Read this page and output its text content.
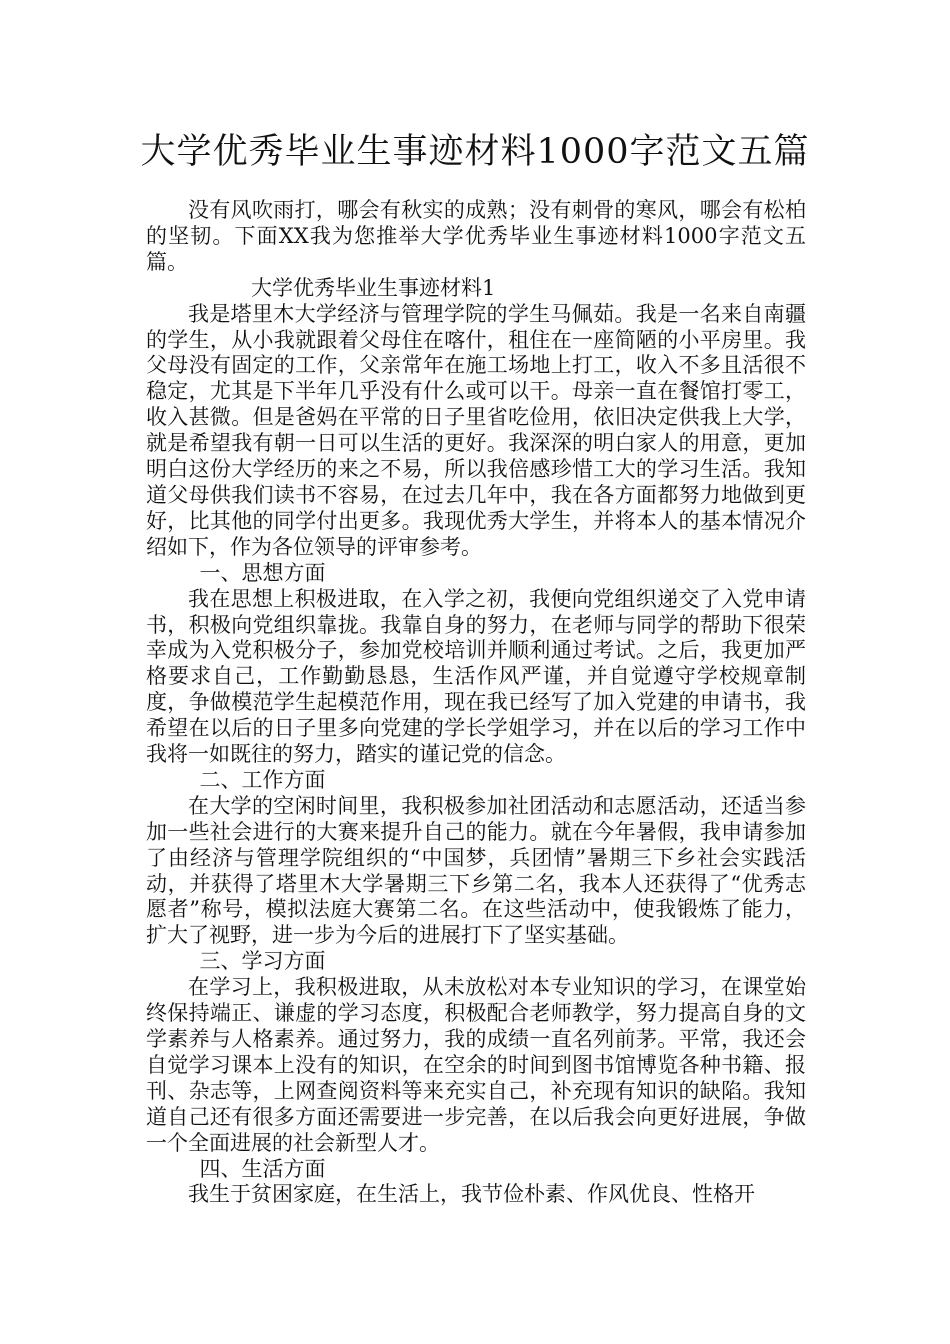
大学优秀毕业生事迹材料1000字范文五篇

没有风吹雨打，哪会有秋实的成熟；没有刺骨的寒风，哪会有松柏的坚韧。下面XX我为您推举大学优秀毕业生事迹材料1000字范文五篇。

大学优秀毕业生事迹材料1

我是塔里木大学经济与管理学院的学生马佩茹。我是一名来自南疆的学生，从小我就跟着父母住在喀什，租住在一座简陋的小平房里。我父母没有固定的工作，父亲常年在施工场地上打工，收入不多且活很不稳定，尤其是下半年几乎没有什么或可以干。母亲一直在餐馆打零工，收入甚微。但是爸妈在平常的日子里省吃俭用，依旧决定供我上大学，就是希望我有朝一日可以生活的更好。我深深的明白家人的用意，更加明白这份大学经历的来之不易，所以我倍感珍惜工大的学习生活。我知道父母供我们读书不容易，在过去几年中，我在各方面都努力地做到更好，比其他的同学付出更多。我现优秀大学生，并将本人的基本情况介绍如下，作为各位领导的评审参考。

一、思想方面

我在思想上积极进取，在入学之初，我便向党组织递交了入党申请书，积极向党组织靠拢。我靠自身的努力，在老师与同学的帮助下很荣幸成为入党积极分子，参加党校培训并顺利通过考试。之后，我更加严格要求自己，工作勤勤恳恳，生活作风严谨，并自觉遵守学校规章制度，争做模范学生起模范作用，现在我已经写了加入党建的申请书，我希望在以后的日子里多向党建的学长学姐学习，并在以后的学习工作中我将一如既往的努力，踏实的谨记党的信念。

二、工作方面

在大学的空闲时间里，我积极参加社团活动和志愿活动，还适当参加一些社会进行的大赛来提升自己的能力。就在今年暑假，我申请参加了由经济与管理学院组织的“中国梦，兵团情”暑期三下乡社会实践活动，并获得了塔里木大学暑期三下乡第二名，我本人还获得了“优秀志愿者”称号，模拟法庭大赛第二名。在这些活动中，使我锻炼了能力，扩大了视野，进一步为今后的进展打下了坚实基础。

三、学习方面

在学习上，我积极进取，从未放松对本专业知识的学习，在课堂始终保持端正、谦虚的学习态度，积极配合老师教学，努力提高自身的文学素养与人格素养。通过努力，我的成绩一直名列前茅。平常，我还会自觉学习课本上没有的知识，在空余的时间到图书馆博览各种书籍、报刊、杂志等，上网查阅资料等来充实自己，补充现有知识的缺陷。我知道自己还有很多方面还需要进一步完善，在以后我会向更好进展，争做一个全面进展的社会新型人才。

四、生活方面

我生于贫困家庭，在生活上，我节俭朴素、作风优良、性格开
